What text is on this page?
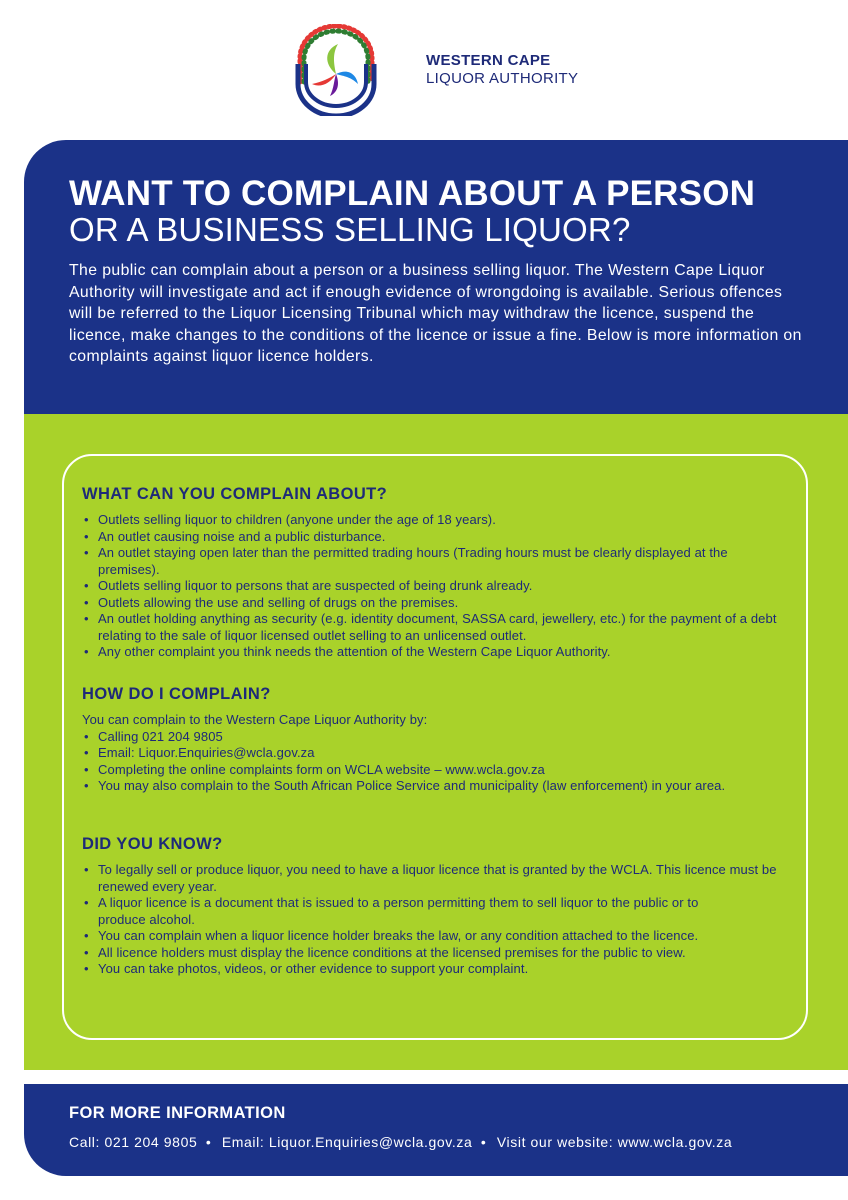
WESTERN CAPE
LIQUOR AUTHORITY
WANT TO COMPLAIN ABOUT A PERSON
OR A BUSINESS SELLING LIQUOR?

The public can complain about a person or a business selling liquor. The Western Cape Liquor Authority will investigate and act if enough evidence of wrongdoing is available. Serious offences will be referred to the Liquor Licensing Tribunal which may withdraw the licence, suspend the licence, make changes to the conditions of the licence or issue a fine. Below is more information on complaints against liquor licence holders.

WHAT CAN YOU COMPLAIN ABOUT?
• Outlets selling liquor to children (anyone under the age of 18 years).
• An outlet causing noise and a public disturbance.
• An outlet staying open later than the permitted trading hours (Trading hours must be clearly displayed at the premises).
• Outlets selling liquor to persons that are suspected of being drunk already.
• Outlets allowing the use and selling of drugs on the premises.
• An outlet holding anything as security (e.g. identity document, SASSA card, jewellery, etc.) for the payment of a debt relating to the sale of liquor licensed outlet selling to an unlicensed outlet.
• Any other complaint you think needs the attention of the Western Cape Liquor Authority.
HOW DO I COMPLAIN?
You can complain to the Western Cape Liquor Authority by:
• Calling 021 204 9805
• Email: Liquor.Enquiries@wcla.gov.za
• Completing the online complaints form on WCLA website – www.wcla.gov.za
• You may also complain to the South African Police Service and municipality (law enforcement) in your area.
DID YOU KNOW?
• To legally sell or produce liquor, you need to have a liquor licence that is granted by the WCLA. This licence must be renewed every year.
• A liquor licence is a document that is issued to a person permitting them to sell liquor to the public or to produce alcohol.
• You can complain when a liquor licence holder breaks the law, or any condition attached to the licence.
• All licence holders must display the licence conditions at the licensed premises for the public to view.
• You can take photos, videos, or other evidence to support your complaint.
FOR MORE INFORMATION

Call: 021 204 9805 • Email: Liquor.Enquiries@wcla.gov.za • Visit our website: www.wcla.gov.za
